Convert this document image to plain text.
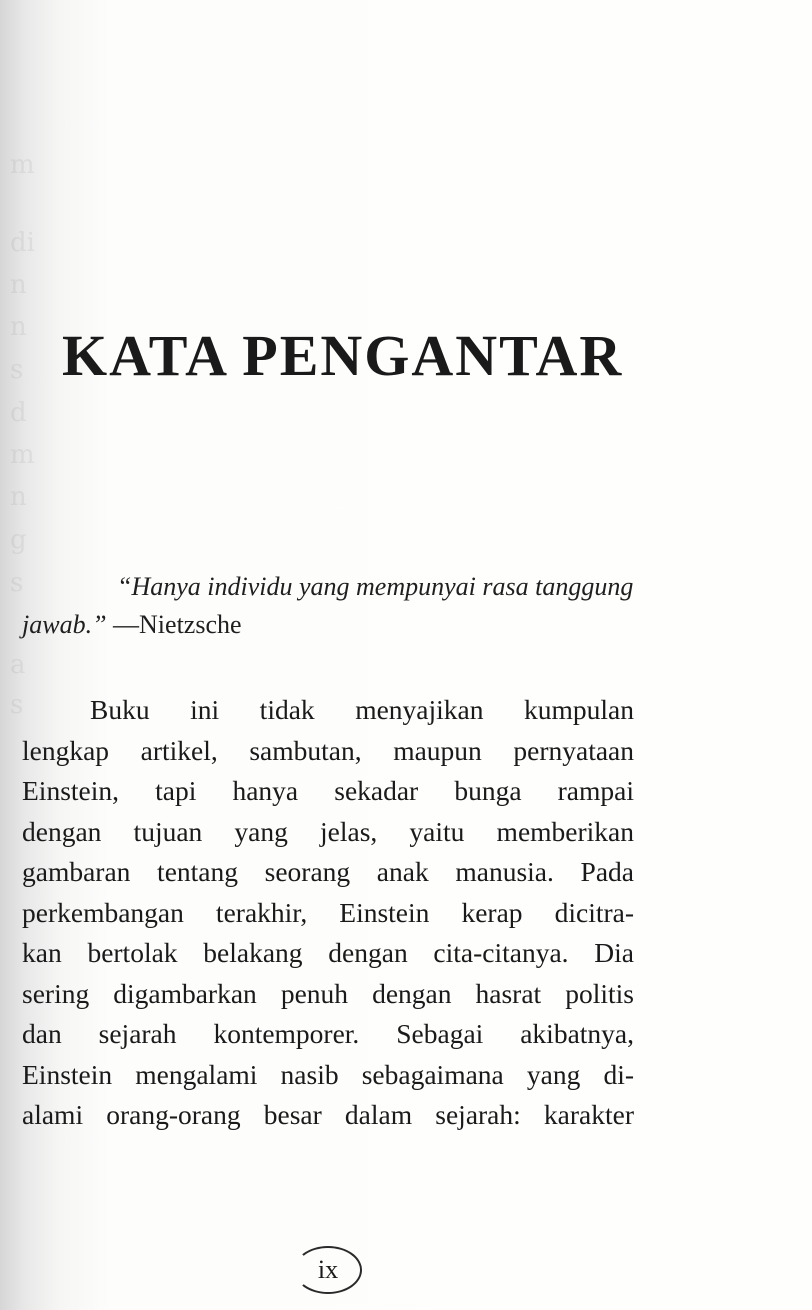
m
di
n
n
s
d
m
n
g
s
a
s
KATA PENGANTAR

“Hanya individu yang mempunyai rasa tanggung
jawab.” —Nietzsche

Buku ini tidak menyajikan kumpulan
lengkap artikel, sambutan, maupun pernyataan
Einstein, tapi hanya sekadar bunga rampai
dengan tujuan yang jelas, yaitu memberikan
gambaran tentang seorang anak manusia. Pada
perkembangan terakhir, Einstein kerap dicitra-
kan bertolak belakang dengan cita-citanya. Dia
sering digambarkan penuh dengan hasrat politis
dan sejarah kontemporer. Sebagai akibatnya,
Einstein mengalami nasib sebagaimana yang di-
alami orang-orang besar dalam sejarah: karakter
ix
